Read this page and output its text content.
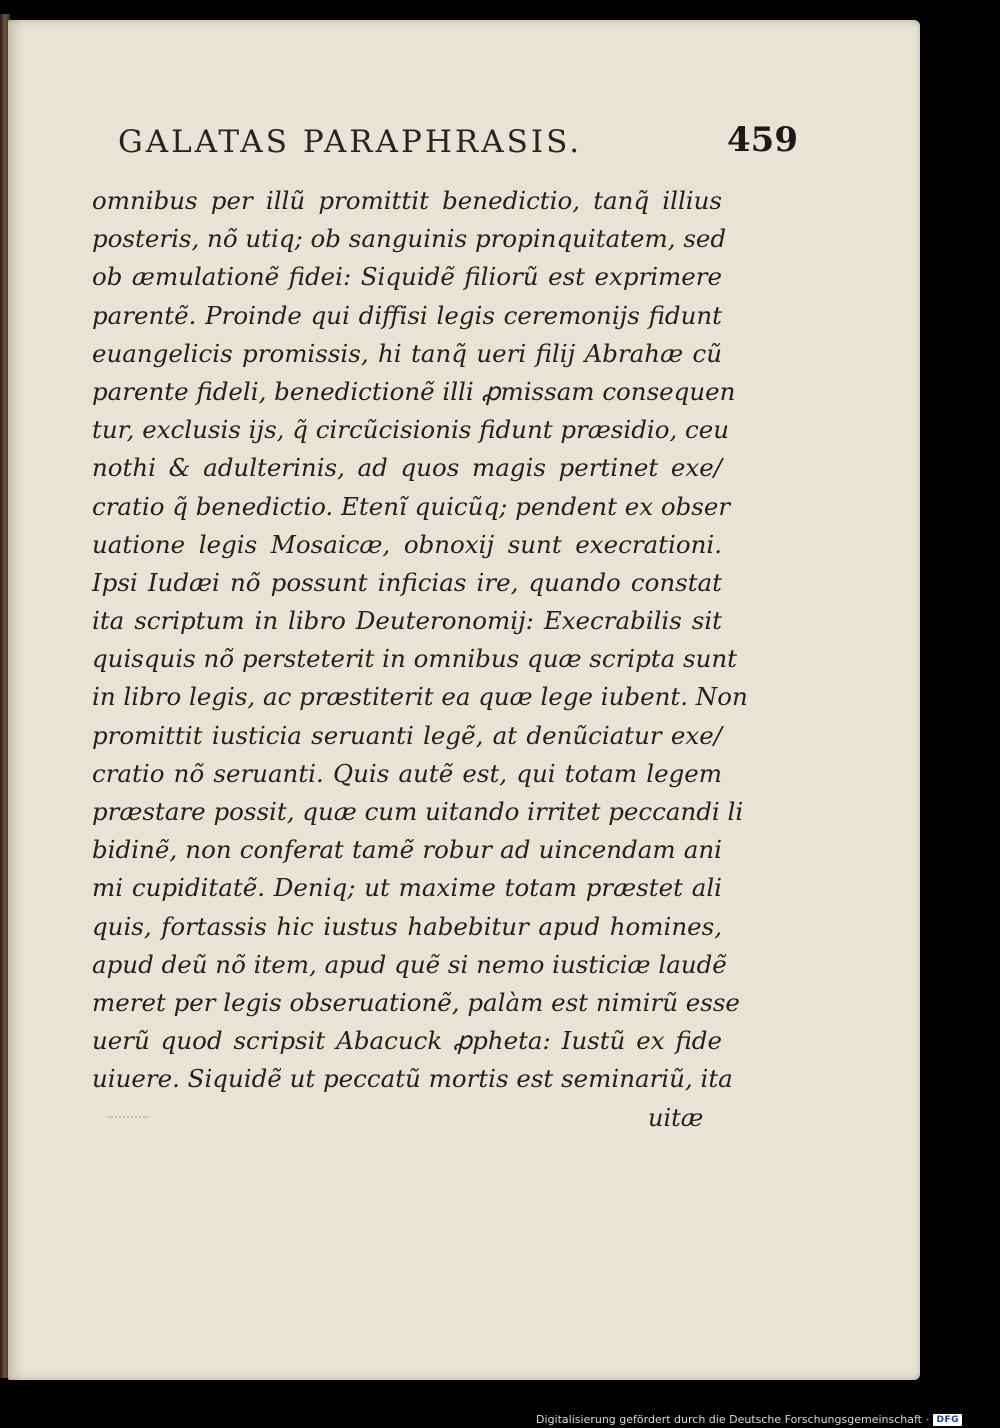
GALATAS PARAPHRASIS.	459
omnibus per illũ promittit benedictio, tanq̃ illius
posteris, nõ utiq; ob sanguinis propinquitatem, sed
ob æmulationẽ fidei: Siquidẽ filiorũ est exprimere
parentẽ. Proinde qui diffisi legis ceremonijs fidunt
euangelicis promissis, hi tanq̃ ueri filij Abrahæ cũ
parente fideli, benedictionẽ illi ꝓmissam consequen
tur, exclusis ijs, q̃ circũcisionis fidunt præsidio, ceu
nothi & adulterinis, ad quos magis pertinet exe/
cratio q̃ benedictio. Etenĩ quicũq; pendent ex obser
uatione legis Mosaicæ, obnoxij sunt execrationi.
Ipsi Iudæi nõ possunt inficias ire, quando constat
ita scriptum in libro Deuteronomij: Execrabilis sit
quisquis nõ persteterit in omnibus quæ scripta sunt
in libro legis, ac præstiterit ea quæ lege iubent. Non
promittit iusticia seruanti legẽ, at denũciatur exe/
cratio nõ seruanti. Quis autẽ est, qui totam legem
præstare possit, quæ cum uitando irritet peccandi li
bidinẽ, non conferat tamẽ robur ad uincendam ani
mi cupiditatẽ. Deniq; ut maxime totam præstet ali
quis, fortassis hic iustus habebitur apud homines,
apud deũ nõ item, apud quẽ si nemo iusticiæ laudẽ
meret per legis obseruationẽ, palàm est nimirũ esse
uerũ quod scripsit Abacuck ꝓpheta: Iustũ ex fide
uiuere. Siquidẽ ut peccatũ mortis est seminariũ, ita
uitæ
Digitalisierung gefördert durch die Deutsche Forschungsgemeinschaft · DFG
